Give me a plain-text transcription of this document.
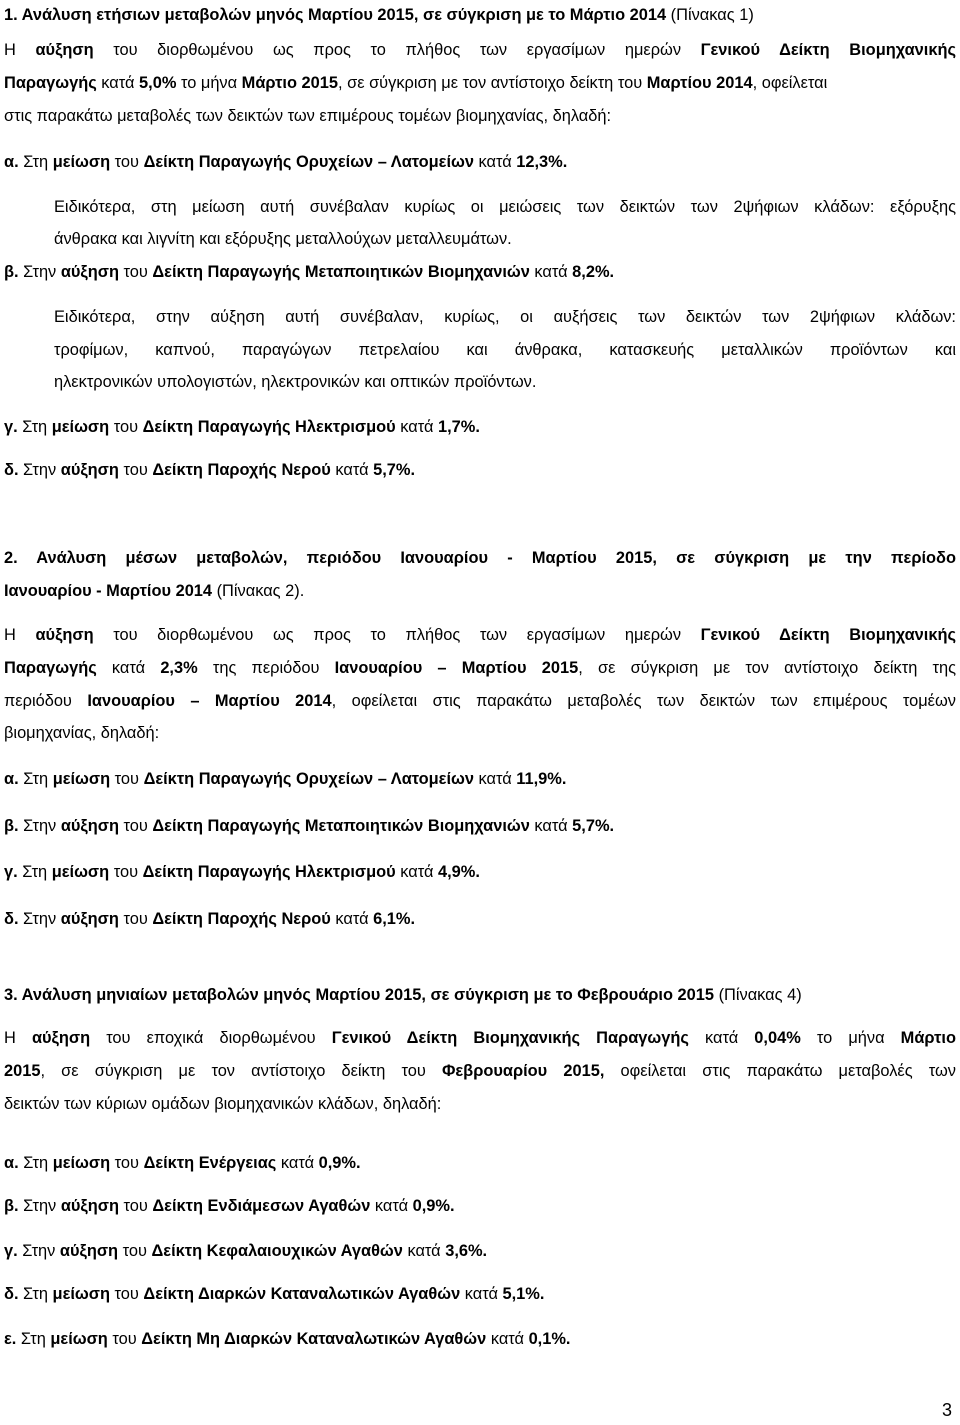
1. Ανάλυση ετήσιων μεταβολών μηνός Μαρτίου 2015, σε σύγκριση με το Μάρτιο 2014 (Πίνακας 1)
Η αύξηση του διορθωμένου ως προς το πλήθος των εργασίμων ημερών Γενικού Δείκτη Βιομηχανικής
Παραγωγής κατά 5,0% το μήνα Μάρτιο 2015, σε σύγκριση με τον αντίστοιχο δείκτη του Μαρτίου 2014, οφείλεται
στις παρακάτω μεταβολές των δεικτών των επιμέρους τομέων βιομηχανίας, δηλαδή:
α. Στη μείωση του Δείκτη Παραγωγής Ορυχείων – Λατομείων κατά 12,3%.
Ειδικότερα, στη μείωση αυτή συνέβαλαν κυρίως οι μειώσεις των δεικτών των 2ψήφιων κλάδων: εξόρυξης
άνθρακα και λιγνίτη και εξόρυξης μεταλλούχων μεταλλευμάτων.
β. Στην αύξηση του Δείκτη Παραγωγής Μεταποιητικών Βιομηχανιών κατά 8,2%.
Ειδικότερα, στην αύξηση αυτή συνέβαλαν, κυρίως, οι αυξήσεις των δεικτών των 2ψήφιων κλάδων:
τροφίμων, καπνού, παραγώγων πετρελαίου και άνθρακα, κατασκευής μεταλλικών προϊόντων και
ηλεκτρονικών υπολογιστών, ηλεκτρονικών και οπτικών προϊόντων.
γ. Στη μείωση του Δείκτη Παραγωγής Ηλεκτρισμού κατά 1,7%.
δ. Στην αύξηση του Δείκτη Παροχής Νερού κατά 5,7%.
2. Ανάλυση μέσων μεταβολών, περιόδου Ιανουαρίου - Μαρτίου 2015, σε σύγκριση με την περίοδο
Ιανουαρίου - Μαρτίου 2014 (Πίνακας 2).
Η αύξηση του διορθωμένου ως προς το πλήθος των εργασίμων ημερών Γενικού Δείκτη Βιομηχανικής
Παραγωγής κατά 2,3% της περιόδου Ιανουαρίου – Μαρτίου 2015, σε σύγκριση με τον αντίστοιχο δείκτη της
περιόδου Ιανουαρίου – Μαρτίου 2014, οφείλεται στις παρακάτω μεταβολές των δεικτών των επιμέρους τομέων
βιομηχανίας, δηλαδή:
α. Στη μείωση του Δείκτη Παραγωγής Ορυχείων – Λατομείων κατά 11,9%.
β. Στην αύξηση του Δείκτη Παραγωγής Μεταποιητικών Βιομηχανιών κατά 5,7%.
γ. Στη μείωση του Δείκτη Παραγωγής Ηλεκτρισμού κατά 4,9%.
δ. Στην αύξηση του Δείκτη Παροχής Νερού κατά 6,1%.
3. Ανάλυση μηνιαίων μεταβολών μηνός Μαρτίου 2015, σε σύγκριση με το Φεβρουάριο 2015 (Πίνακας 4)
Η αύξηση του εποχικά διορθωμένου Γενικού Δείκτη Βιομηχανικής Παραγωγής κατά 0,04% το μήνα Μάρτιο
2015, σε σύγκριση με τον αντίστοιχο δείκτη του Φεβρουαρίου 2015, οφείλεται στις παρακάτω μεταβολές των
δεικτών των κύριων ομάδων βιομηχανικών κλάδων, δηλαδή:
α. Στη μείωση του Δείκτη Ενέργειας κατά 0,9%.
β. Στην αύξηση του Δείκτη Ενδιάμεσων Αγαθών κατά 0,9%.
γ. Στην αύξηση του Δείκτη Κεφαλαιουχικών Αγαθών κατά 3,6%.
δ. Στη μείωση του Δείκτη Διαρκών Καταναλωτικών Αγαθών κατά 5,1%.
ε. Στη μείωση του Δείκτη Μη Διαρκών Καταναλωτικών Αγαθών κατά 0,1%.
3
